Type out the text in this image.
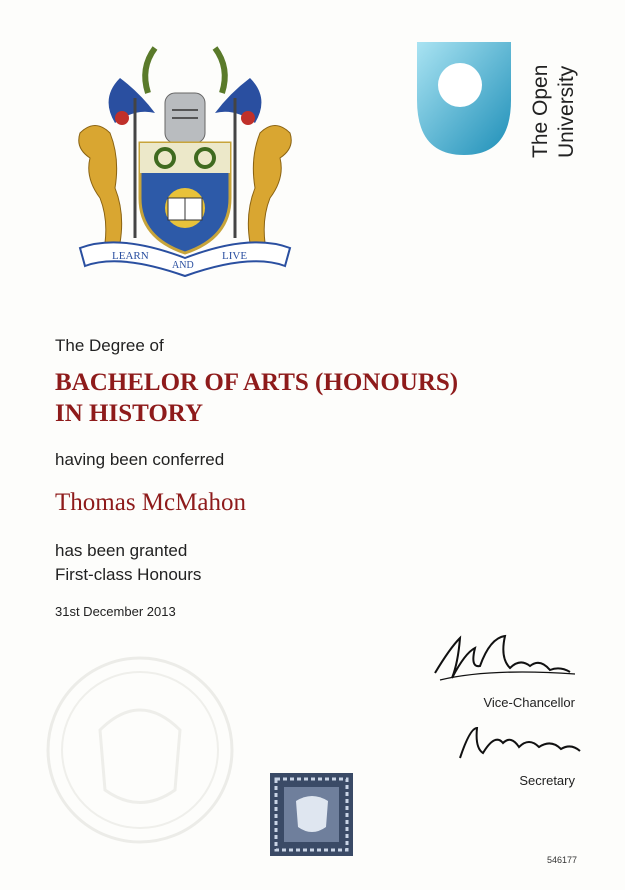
LEARN
AND
LIVE
The Open University
The Degree of
BACHELOR OF ARTS (HONOURS)
IN HISTORY
having been conferred
Thomas McMahon
has been granted
First-class Honours
31st December 2013
Vice-Chancellor
Secretary
546177
